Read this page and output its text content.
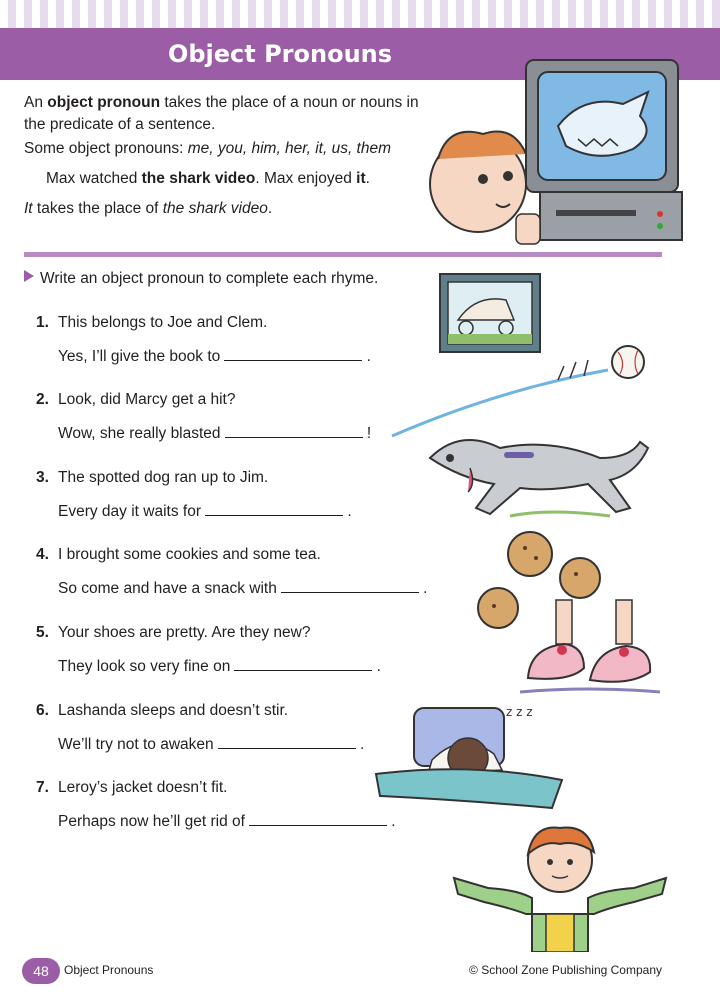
Object Pronouns

An object pronoun takes the place of a noun or nouns in the predicate of a sentence.

Some object pronouns: me, you, him, her, it, us, them
Max watched the shark video. Max enjoyed it.
It takes the place of the shark video.
Write an object pronoun to complete each rhyme.
1. This belongs to Joe and Clem.
Yes, I’ll give the book to	.
2. Look, did Marcy get a hit?
Wow, she really blasted	!
3. The spotted dog ran up to Jim.
Every day it waits for	.
4. I brought some cookies and some tea.
So come and have a snack with	.
5. Your shoes are pretty. Are they new?
They look so very fine on	.
6. Lashanda sleeps and doesn’t stir.
We’ll try not to awaken	.
7. Leroy’s jacket doesn’t fit.
Perhaps now he’ll get rid of	.
z z z
48	Object Pronouns	© School Zone Publishing Company
